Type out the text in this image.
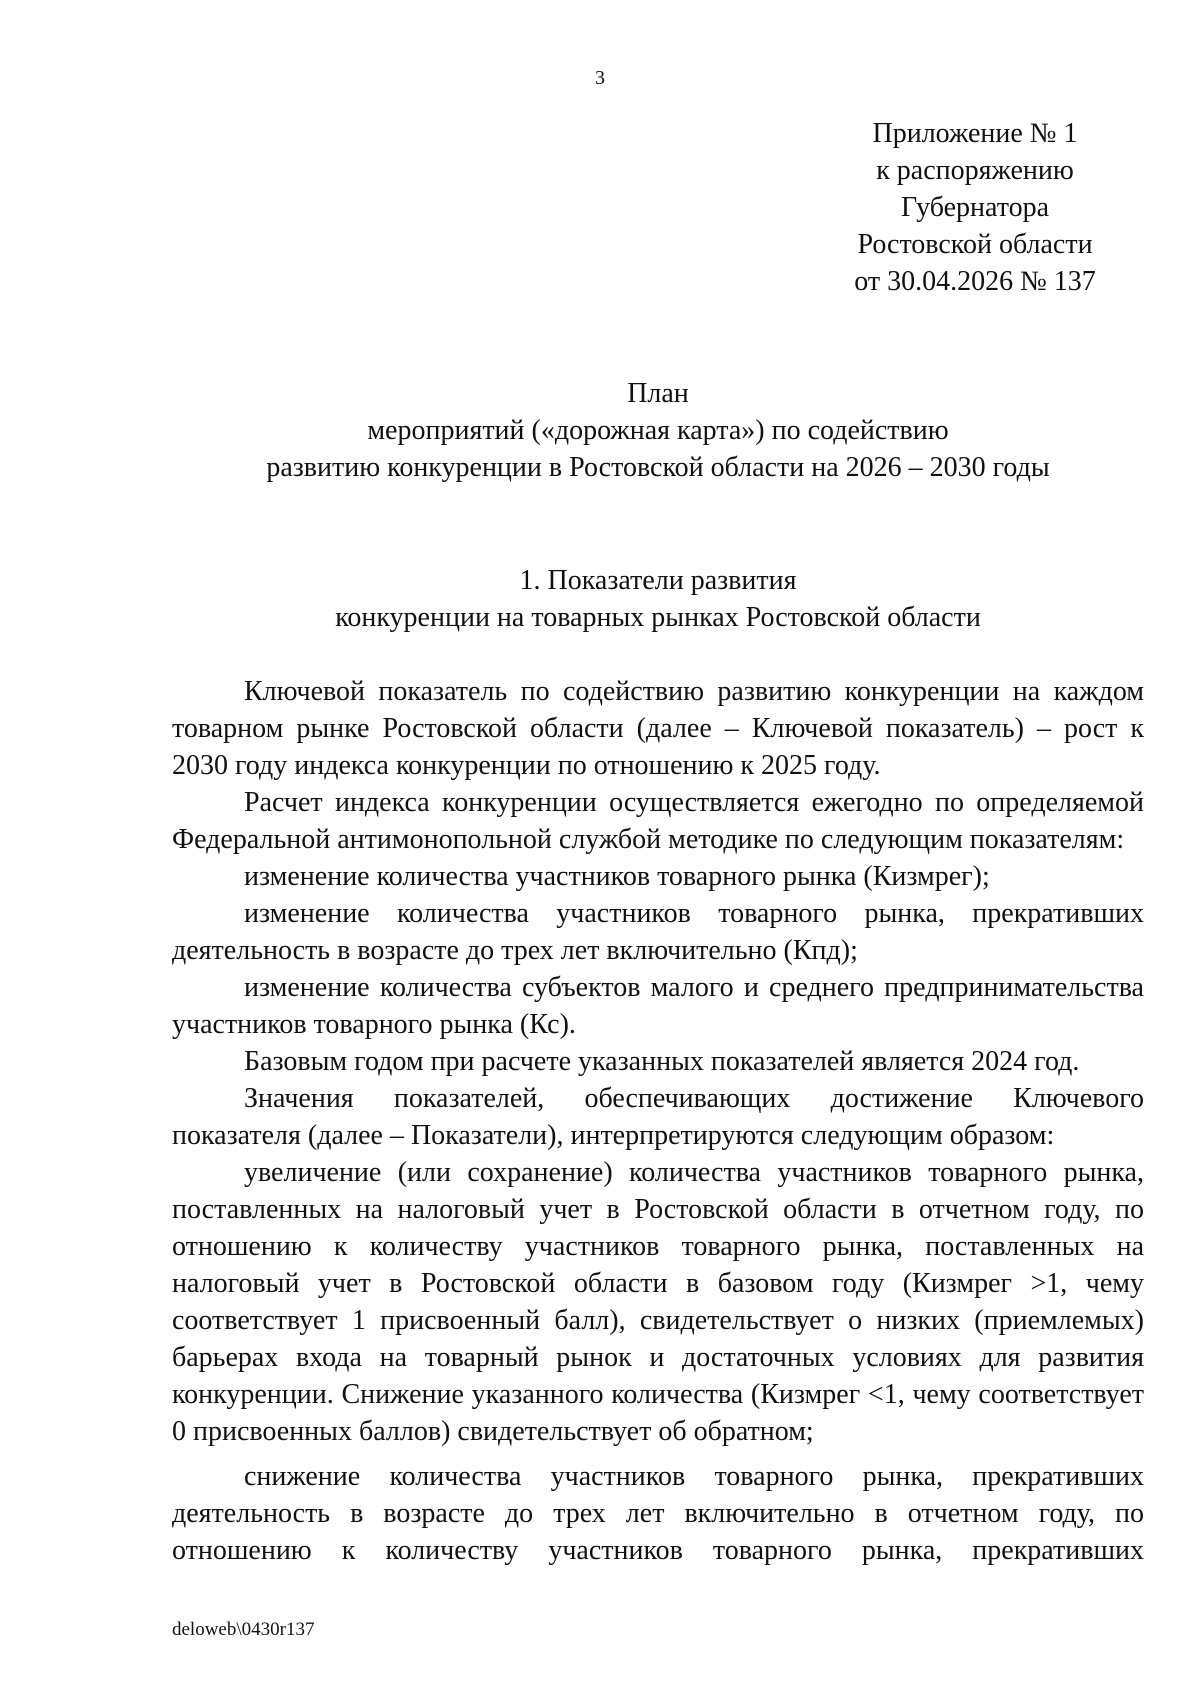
3
Приложение № 1
к распоряжению
Губернатора
Ростовской области
от 30.04.2026 № 137
План
мероприятий («дорожная карта») по содействию
развитию конкуренции в Ростовской области на 2026 – 2030 годы
1. Показатели развития
конкуренции на товарных рынках Ростовской области

Ключевой показатель по содействию развитию конкуренции на каждом товарном рынке Ростовской области (далее – Ключевой показатель) – рост к 2030 году индекса конкуренции по отношению к 2025 году.

Расчет индекса конкуренции осуществляется ежегодно по определяемой Федеральной антимонопольной службой методике по следующим показателям:

изменение количества участников товарного рынка (Кизмрег);

изменение количества участников товарного рынка, прекративших деятельность в возрасте до трех лет включительно (Кпд);

изменение количества субъектов малого и среднего предпринимательства участников товарного рынка (Кс).

Базовым годом при расчете указанных показателей является 2024 год.

Значения показателей, обеспечивающих достижение Ключевого показателя (далее – Показатели), интерпретируются следующим образом:

увеличение (или сохранение) количества участников товарного рынка, поставленных на налоговый учет в Ростовской области в отчетном году, по отношению к количеству участников товарного рынка, поставленных на налоговый учет в Ростовской области в базовом году (Кизмрег >1, чему соответствует 1 присвоенный балл), свидетельствует о низких (приемлемых) барьерах входа на товарный рынок и достаточных условиях для развития конкуренции. Снижение указанного количества (Кизмрег <1, чему соответствует 0 присвоенных баллов) свидетельствует об обратном;

снижение количества участников товарного рынка, прекративших деятельность в возрасте до трех лет включительно в отчетном году, по отношению к количеству участников товарного рынка, прекративших

deloweb\0430r137
